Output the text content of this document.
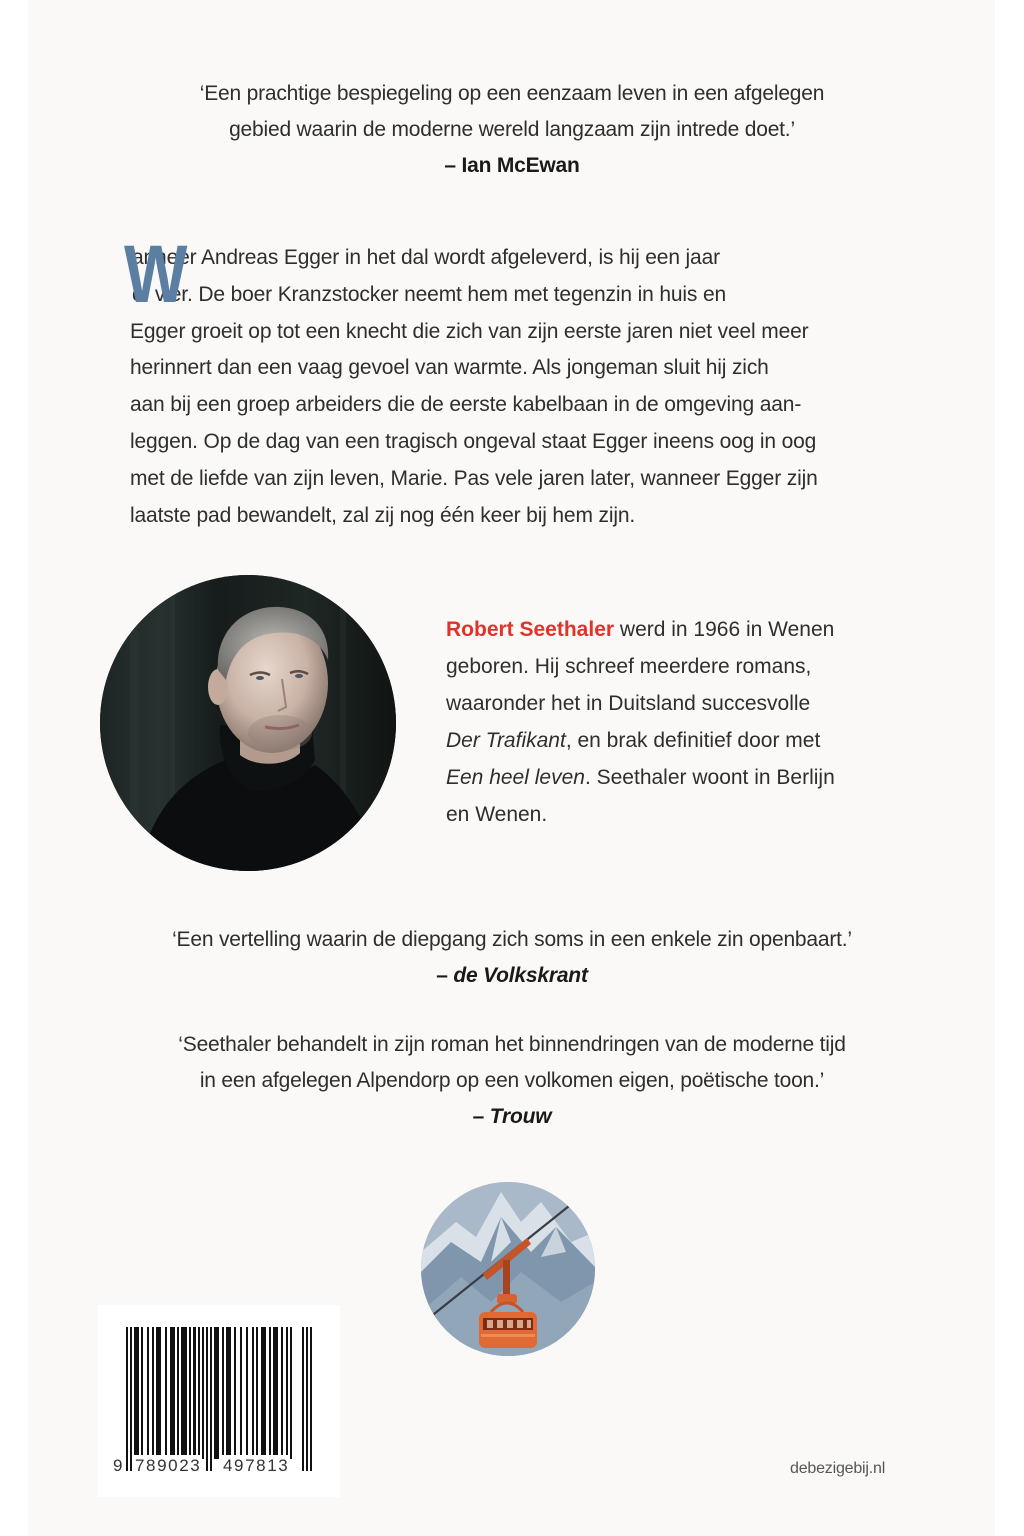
‘Een prachtige bespiegeling op een eenzaam leven in een afgelegen
gebied waarin de moderne wereld langzaam zijn intrede doet.’
– Ian McEwan
W
anneer Andreas Egger in het dal wordt afgeleverd, is hij een jaar
of vier. De boer Kranzstocker neemt hem met tegenzin in huis en
Egger groeit op tot een knecht die zich van zijn eerste jaren niet veel meer
herinnert dan een vaag gevoel van warmte. Als jongeman sluit hij zich
aan bij een groep arbeiders die de eerste kabelbaan in de omgeving aan-
leggen. Op de dag van een tragisch ongeval staat Egger ineens oog in oog
met de liefde van zijn leven, Marie. Pas vele jaren later, wanneer Egger zijn
laatste pad bewandelt, zal zij nog één keer bij hem zijn.
Robert Seethaler werd in 1966 in Wenen
geboren. Hij schreef meerdere romans,
waaronder het in Duitsland succesvolle
Der Trafikant, en brak definitief door met
Een heel leven. Seethaler woont in Berlijn
en Wenen.
‘Een vertelling waarin de diepgang zich soms in een enkele zin openbaart.’
– de Volkskrant
‘Seethaler behandelt in zijn roman het binnendringen van de moderne tijd
in een afgelegen Alpendorp op een volkomen eigen, poëtische toon.’
– Trouw
9 789023 497813	debezigebij.nl
